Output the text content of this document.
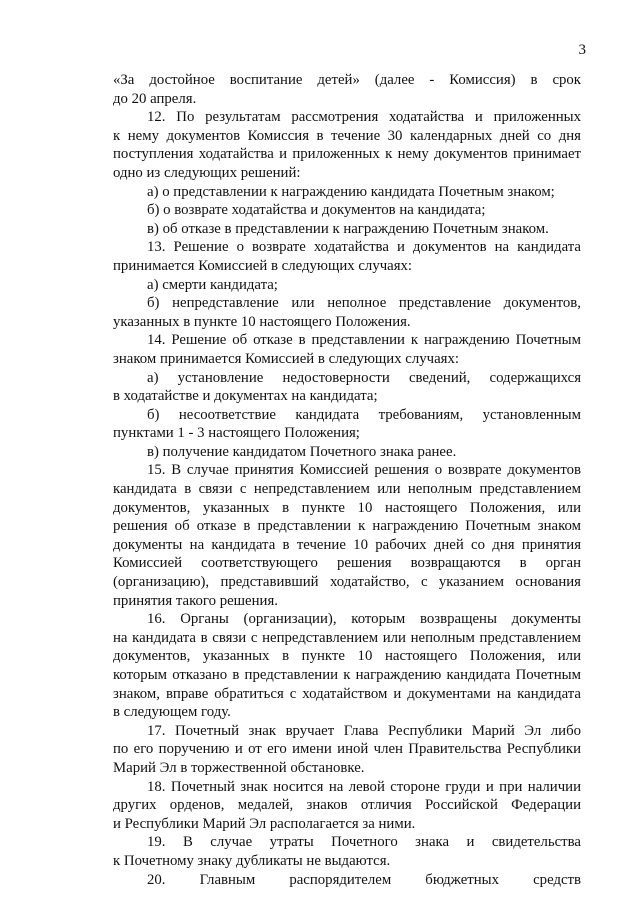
3
«За достойное воспитание детей» (далее - Комиссия) в срок
до 20 апреля.
12. По результатам рассмотрения ходатайства и приложенных
к нему документов Комиссия в течение 30 календарных дней со дня
поступления ходатайства и приложенных к нему документов принимает
одно из следующих решений:
а) о представлении к награждению кандидата Почетным знаком;
б) о возврате ходатайства и документов на кандидата;
в) об отказе в представлении к награждению Почетным знаком.
13. Решение о возврате ходатайства и документов на кандидата
принимается Комиссией в следующих случаях:
а) смерти кандидата;
б) непредставление или неполное представление документов,
указанных в пункте 10 настоящего Положения.
14. Решение об отказе в представлении к награждению Почетным
знаком принимается Комиссией в следующих случаях:
а) установление недостоверности сведений, содержащихся
в ходатайстве и документах на кандидата;
б) несоответствие кандидата требованиям, установленным
пунктами 1 - 3 настоящего Положения;
в) получение кандидатом Почетного знака ранее.
15. В случае принятия Комиссией решения о возврате документов
кандидата в связи с непредставлением или неполным представлением
документов, указанных в пункте 10 настоящего Положения, или
решения об отказе в представлении к награждению Почетным знаком
документы на кандидата в течение 10 рабочих дней со дня принятия
Комиссией соответствующего решения возвращаются в орган
(организацию), представивший ходатайство, с указанием основания
принятия такого решения.
16. Органы (организации), которым возвращены документы
на кандидата в связи с непредставлением или неполным представлением
документов, указанных в пункте 10 настоящего Положения, или
которым отказано в представлении к награждению кандидата Почетным
знаком, вправе обратиться с ходатайством и документами на кандидата
в следующем году.
17. Почетный знак вручает Глава Республики Марий Эл либо
по его поручению и от его имени иной член Правительства Республики
Марий Эл в торжественной обстановке.
18. Почетный знак носится на левой стороне груди и при наличии
других орденов, медалей, знаков отличия Российской Федерации
и Республики Марий Эл располагается за ними.
19. В случае утраты Почетного знака и свидетельства
к Почетному знаку дубликаты не выдаются.
20. Главным распорядителем бюджетных средств
